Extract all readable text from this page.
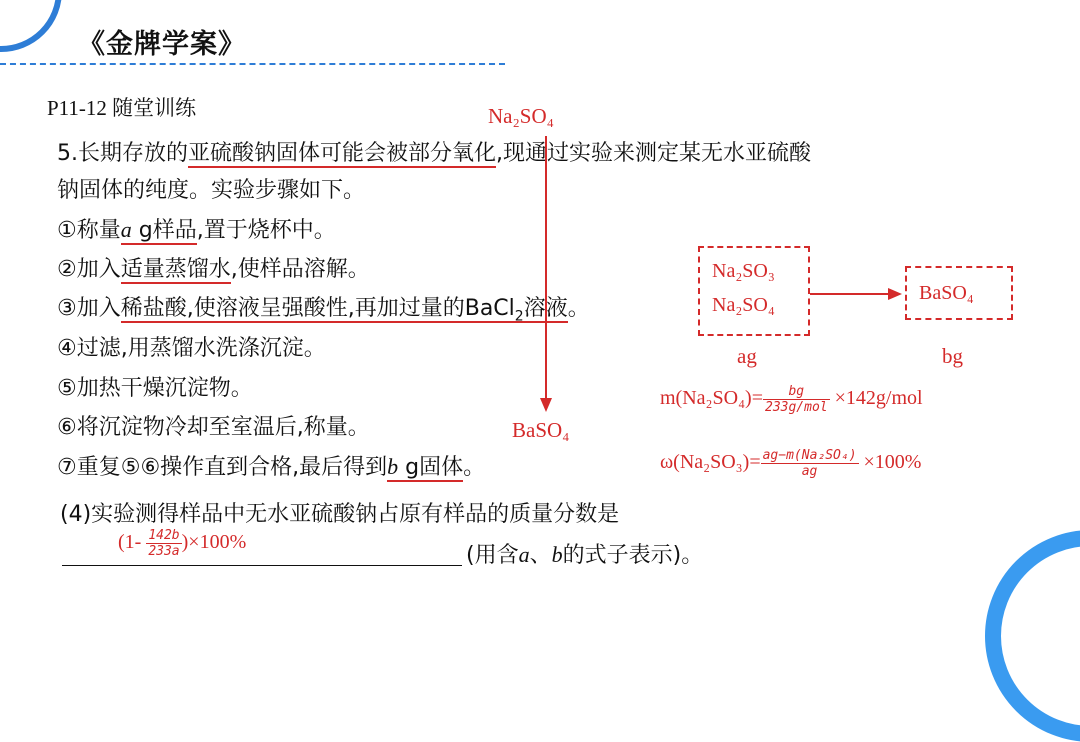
《金牌学案》
P11-12 随堂训练
5.长期存放的亚硫酸钠固体可能会被部分氧化,现通过实验来测定某无水亚硫酸
钠固体的纯度。实验步骤如下。
①称量a g样品,置于烧杯中。
②加入适量蒸馏水,使样品溶解。
③加入稀盐酸,使溶液呈强酸性,再加过量的BaCl$_2$溶液。
④过滤,用蒸馏水洗涤沉淀。
⑤加热干燥沉淀物。
⑥将沉淀物冷却至室温后,称量。
⑦重复⑤⑥操作直到合格,最后得到b g固体。
(4)实验测得样品中无水亚硫酸钠占原有样品的质量分数是
$(1- \frac{142b}{233a} )\times 100\%$
(用含a、b的式子表示)。
Na₂SO₄
BaSO₄
Na₂SO₃
Na₂SO₄
BaSO₄
ag	bg
$m(Na_2SO_4)= \frac{bg}{\text{233g/mol}} \times 142g/mol$
$\omega(Na_2SO_3)= \frac{\text{ag−m(Na₂SO₄)}}{ag} \times 100\%$
